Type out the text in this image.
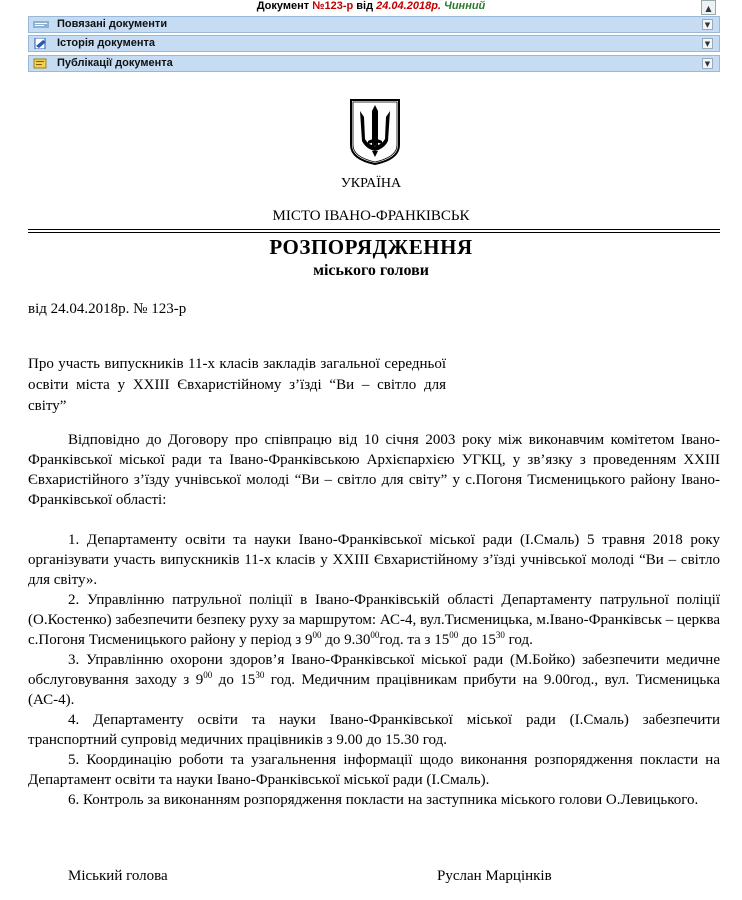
Документ №123-р від 24.04.2018р. Чинний	▲
Повязані документи	▼
Історія документа	▼
Публікації документа	▼
УКРАЇНА
МІСТО ІВАНО-ФРАНКІВСЬК
РОЗПОРЯДЖЕННЯ
міського голови
від 24.04.2018р. № 123-р
Про участь випускників 11-х класів закладів загальної середньої освіти міста у ХХІІІ Євхаристійному з’їзді “Ви – світло для світу”

Відповідно до Договору про співпрацю від 10 січня 2003 року між виконавчим комітетом Івано-Франківської міської ради та Івано-Франківською Архієпархією УГКЦ, у зв’язку з проведенням ХХІІІ Євхаристійного з’їзду учнівської молоді “Ви – світло для світу” у с.Погоня Тисменицького району Івано-Франківської області:

1. Департаменту освіти та науки Івано-Франківської міської ради (І.Смаль) 5 травня 2018 року організувати участь випускників 11-х класів у ХХІІІ Євхаристійному з’їзді учнівської молоді “Ви – світло для світу».

2. Управлінню патрульної поліції в Івано-Франківській області Департаменту патрульної поліції (О.Костенко) забезпечити безпеку руху за маршрутом: АС-4, вул.Тисменицька, м.Івано-Франківськ – церква с.Погоня Тисменицького району у період з $9^{00}$ до 9.30$^{00}$год. та з $15^{00}$ до $15^{30}$ год.

3. Управлінню охорони здоров’я Івано-Франківської міської ради (М.Бойко) забезпечити медичне обслуговування заходу з $9^{00}$ до $15^{30}$ год. Медичним працівникам прибути на 9.00год., вул. Тисменицька (АС-4).

4. Департаменту освіти та науки Івано-Франківської міської ради (І.Смаль) забезпечити транспортний супровід медичних працівників з 9.00 до 15.30 год.

5. Координацію роботи та узагальнення інформації щодо виконання розпорядження покласти на Департамент освіти та науки Івано-Франківської міської ради (І.Смаль).

6. Контроль за виконанням розпорядження покласти на заступника міського голови О.Левицького.

Міський голова	Руслан Марцінків
